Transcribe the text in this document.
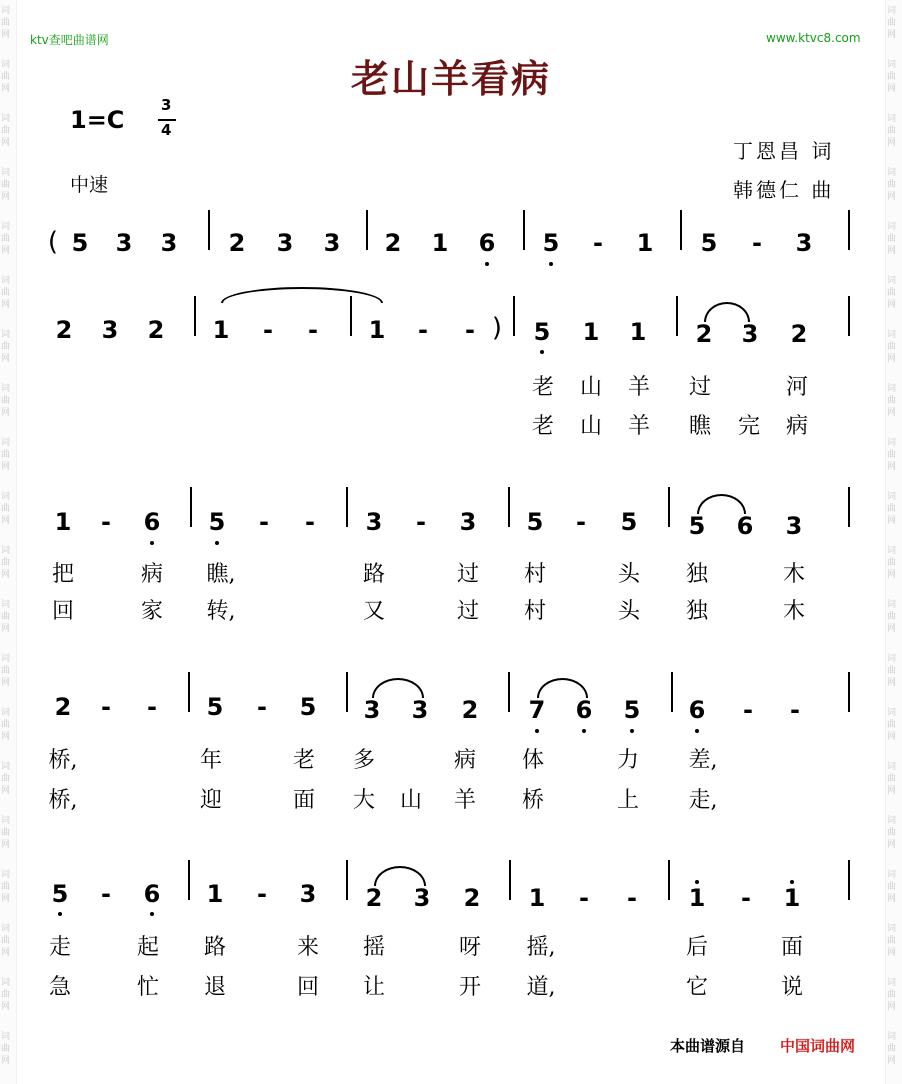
词
曲
网
词
曲
网
词
曲
网
词
曲
网
词
曲
网
词
曲
网
词
曲
网
词
曲
网
词
曲
网
词
曲
网
词
曲
网
词
曲
网
词
曲
网
词
曲
网
词
曲
网
词
曲
网
词
曲
网
词
曲
网
词
曲
网
词
曲
网
词
曲
网
词
曲
网
词
曲
网
词
曲
网
词
曲
网
词
曲
网
词
曲
网
词
曲
网
词
曲
网
词
曲
网
词
曲
网
词
曲
网
词
曲
网
词
曲
网
词
曲
网
词
曲
网
词
曲
网
词
曲
网
词
曲
网
词
曲
网
ktv查吧曲谱网	www.ktvc8.com
老山羊看病
1=C
3
4
中速
丁恩昌 词
韩德仁 曲
( 5 3 3 2 3 3 2 1 6 5 - 1 5 - 3
2 3 2 1 - - 1 - - ) 5 1 1 2 3 2
老 山 羊 过	河
老 山 羊 瞧 完 病
1 - 6 5 - - 3 - 3 5 - 5 5 6 3
把	病 瞧,	路	过 村	头 独	木
回	家 转,	又	过 村	头 独	木
2 - - 5 - 5 3 3 2 7 6 5 6 - -
桥,	年	老 多	病 体	力 差,
桥,	迎	面 大 山 羊 桥	上 走,
5 - 6 1 - 3 2 3 2 1 - - 1 - 1
走	起 路	来 摇	呀 摇,	后	面
急	忙 退	回 让	开 道,	它	说
本曲谱源自 中国词曲网
